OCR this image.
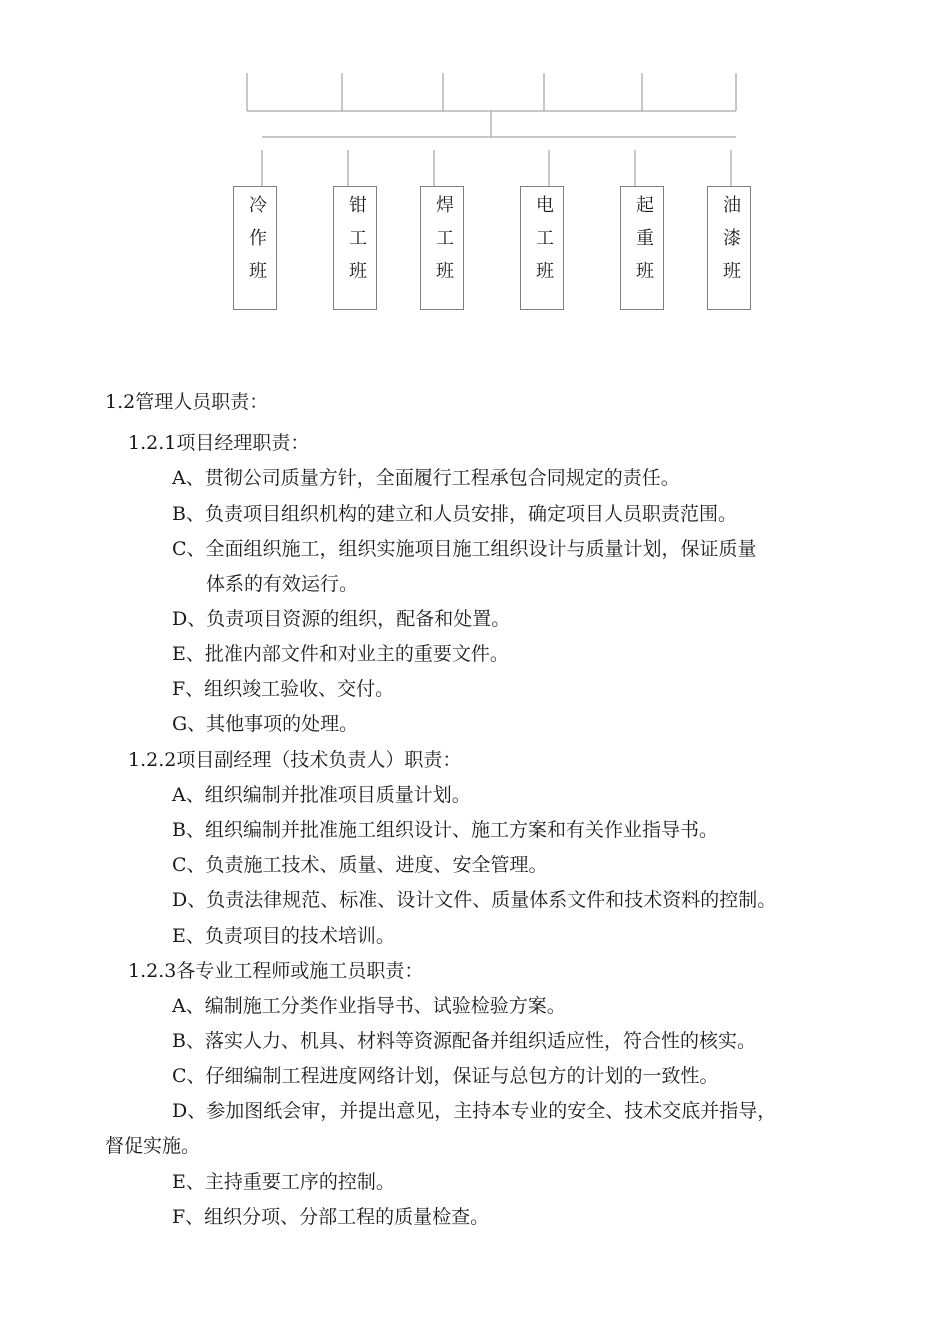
冷作班	钳工班	焊工班	电工班	起重班	油漆班
1.2管理人员职责：
1.2.1项目经理职责：
A、贯彻公司质量方针，全面履行工程承包合同规定的责任。
B、负责项目组织机构的建立和人员安排，确定项目人员职责范围。
C、全面组织施工，组织实施项目施工组织设计与质量计划，保证质量
体系的有效运行。
D、负责项目资源的组织，配备和处置。
E、批准内部文件和对业主的重要文件。
F、组织竣工验收、交付。
G、其他事项的处理。
1.2.2项目副经理（技术负责人）职责：
A、组织编制并批准项目质量计划。
B、组织编制并批准施工组织设计、施工方案和有关作业指导书。
C、负责施工技术、质量、进度、安全管理。
D、负责法律规范、标准、设计文件、质量体系文件和技术资料的控制。
E、负责项目的技术培训。
1.2.3各专业工程师或施工员职责：
A、编制施工分类作业指导书、试验检验方案。
B、落实人力、机具、材料等资源配备并组织适应性，符合性的核实。
C、仔细编制工程进度网络计划，保证与总包方的计划的一致性。
D、参加图纸会审，并提出意见，主持本专业的安全、技术交底并指导，
督促实施。
E、主持重要工序的控制。
F、组织分项、分部工程的质量检查。
